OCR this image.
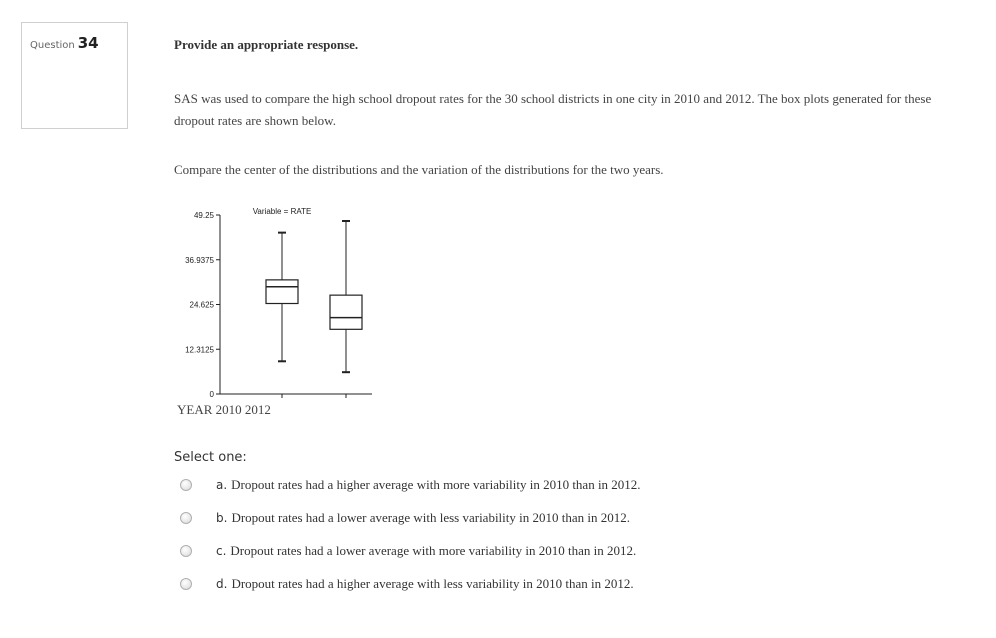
Question 34	Provide an appropriate response.

SAS was used to compare the high school dropout rates for the 30 school districts in one city in 2010 and 2012. The box plots generated for these dropout rates are shown below.

Compare the center of the distributions and the variation of the distributions for the two years.

0
12.3125
24.625
36.9375
49.25	Variable = RATE
YEAR 2010 2012
Select one:
a. Dropout rates had a higher average with more variability in 2010 than in 2012.
b. Dropout rates had a lower average with less variability in 2010 than in 2012.
c. Dropout rates had a lower average with more variability in 2010 than in 2012.
d. Dropout rates had a higher average with less variability in 2010 than in 2012.
